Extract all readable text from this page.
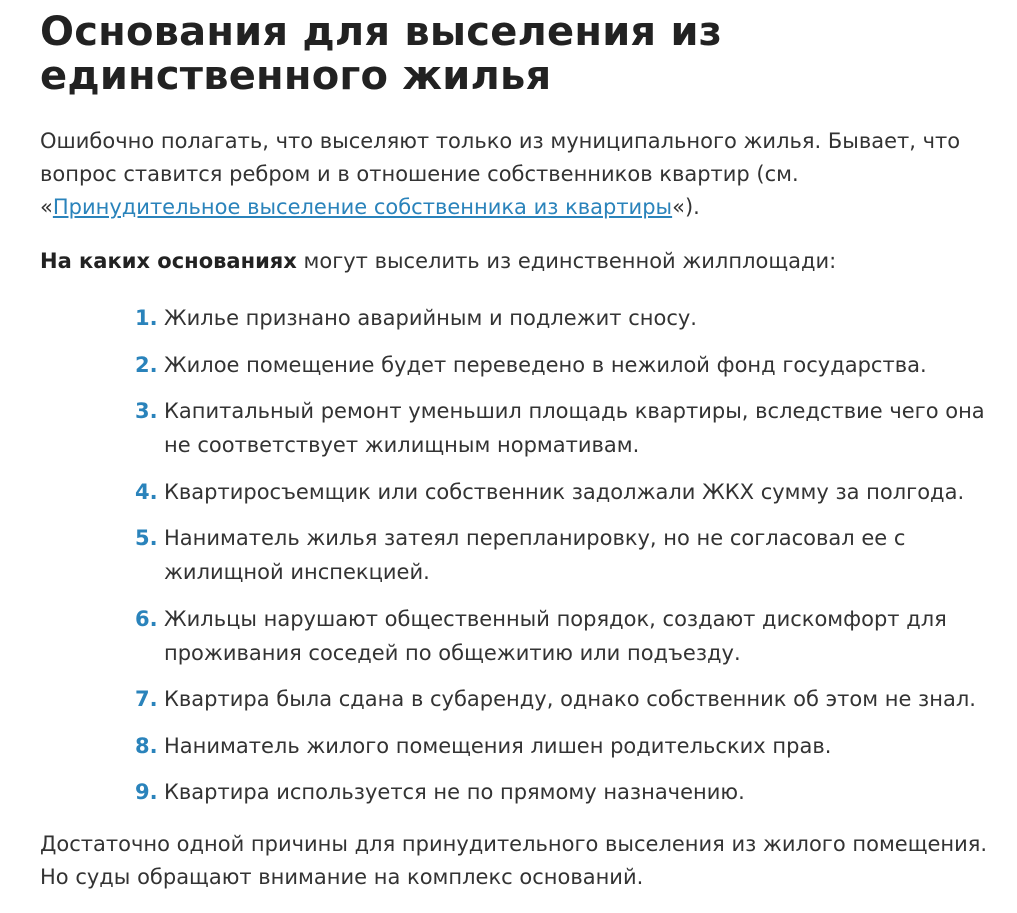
Основания для выселения из единственного жилья

Ошибочно полагать, что выселяют только из муниципального жилья. Бывает, что вопрос ставится ребром и в отношение собственников квартир (см. «Принудительное выселение собственника из квартиры«).

На каких основаниях могут выселить из единственной жилплощади:

1. Жилье признано аварийным и подлежит сносу.
2. Жилое помещение будет переведено в нежилой фонд государства.
3. Капитальный ремонт уменьшил площадь квартиры, вследствие чего она не соответствует жилищным нормативам.
4. Квартиросъемщик или собственник задолжали ЖКХ сумму за полгода.
5. Наниматель жилья затеял перепланировку, но не согласовал ее с жилищной инспекцией.
6. Жильцы нарушают общественный порядок, создают дискомфорт для проживания соседей по общежитию или подъезду.
7. Квартира была сдана в субаренду, однако собственник об этом не знал.
8. Наниматель жилого помещения лишен родительских прав.
9. Квартира используется не по прямому назначению.

Достаточно одной причины для принудительного выселения из жилого помещения. Но суды обращают внимание на комплекс оснований.
